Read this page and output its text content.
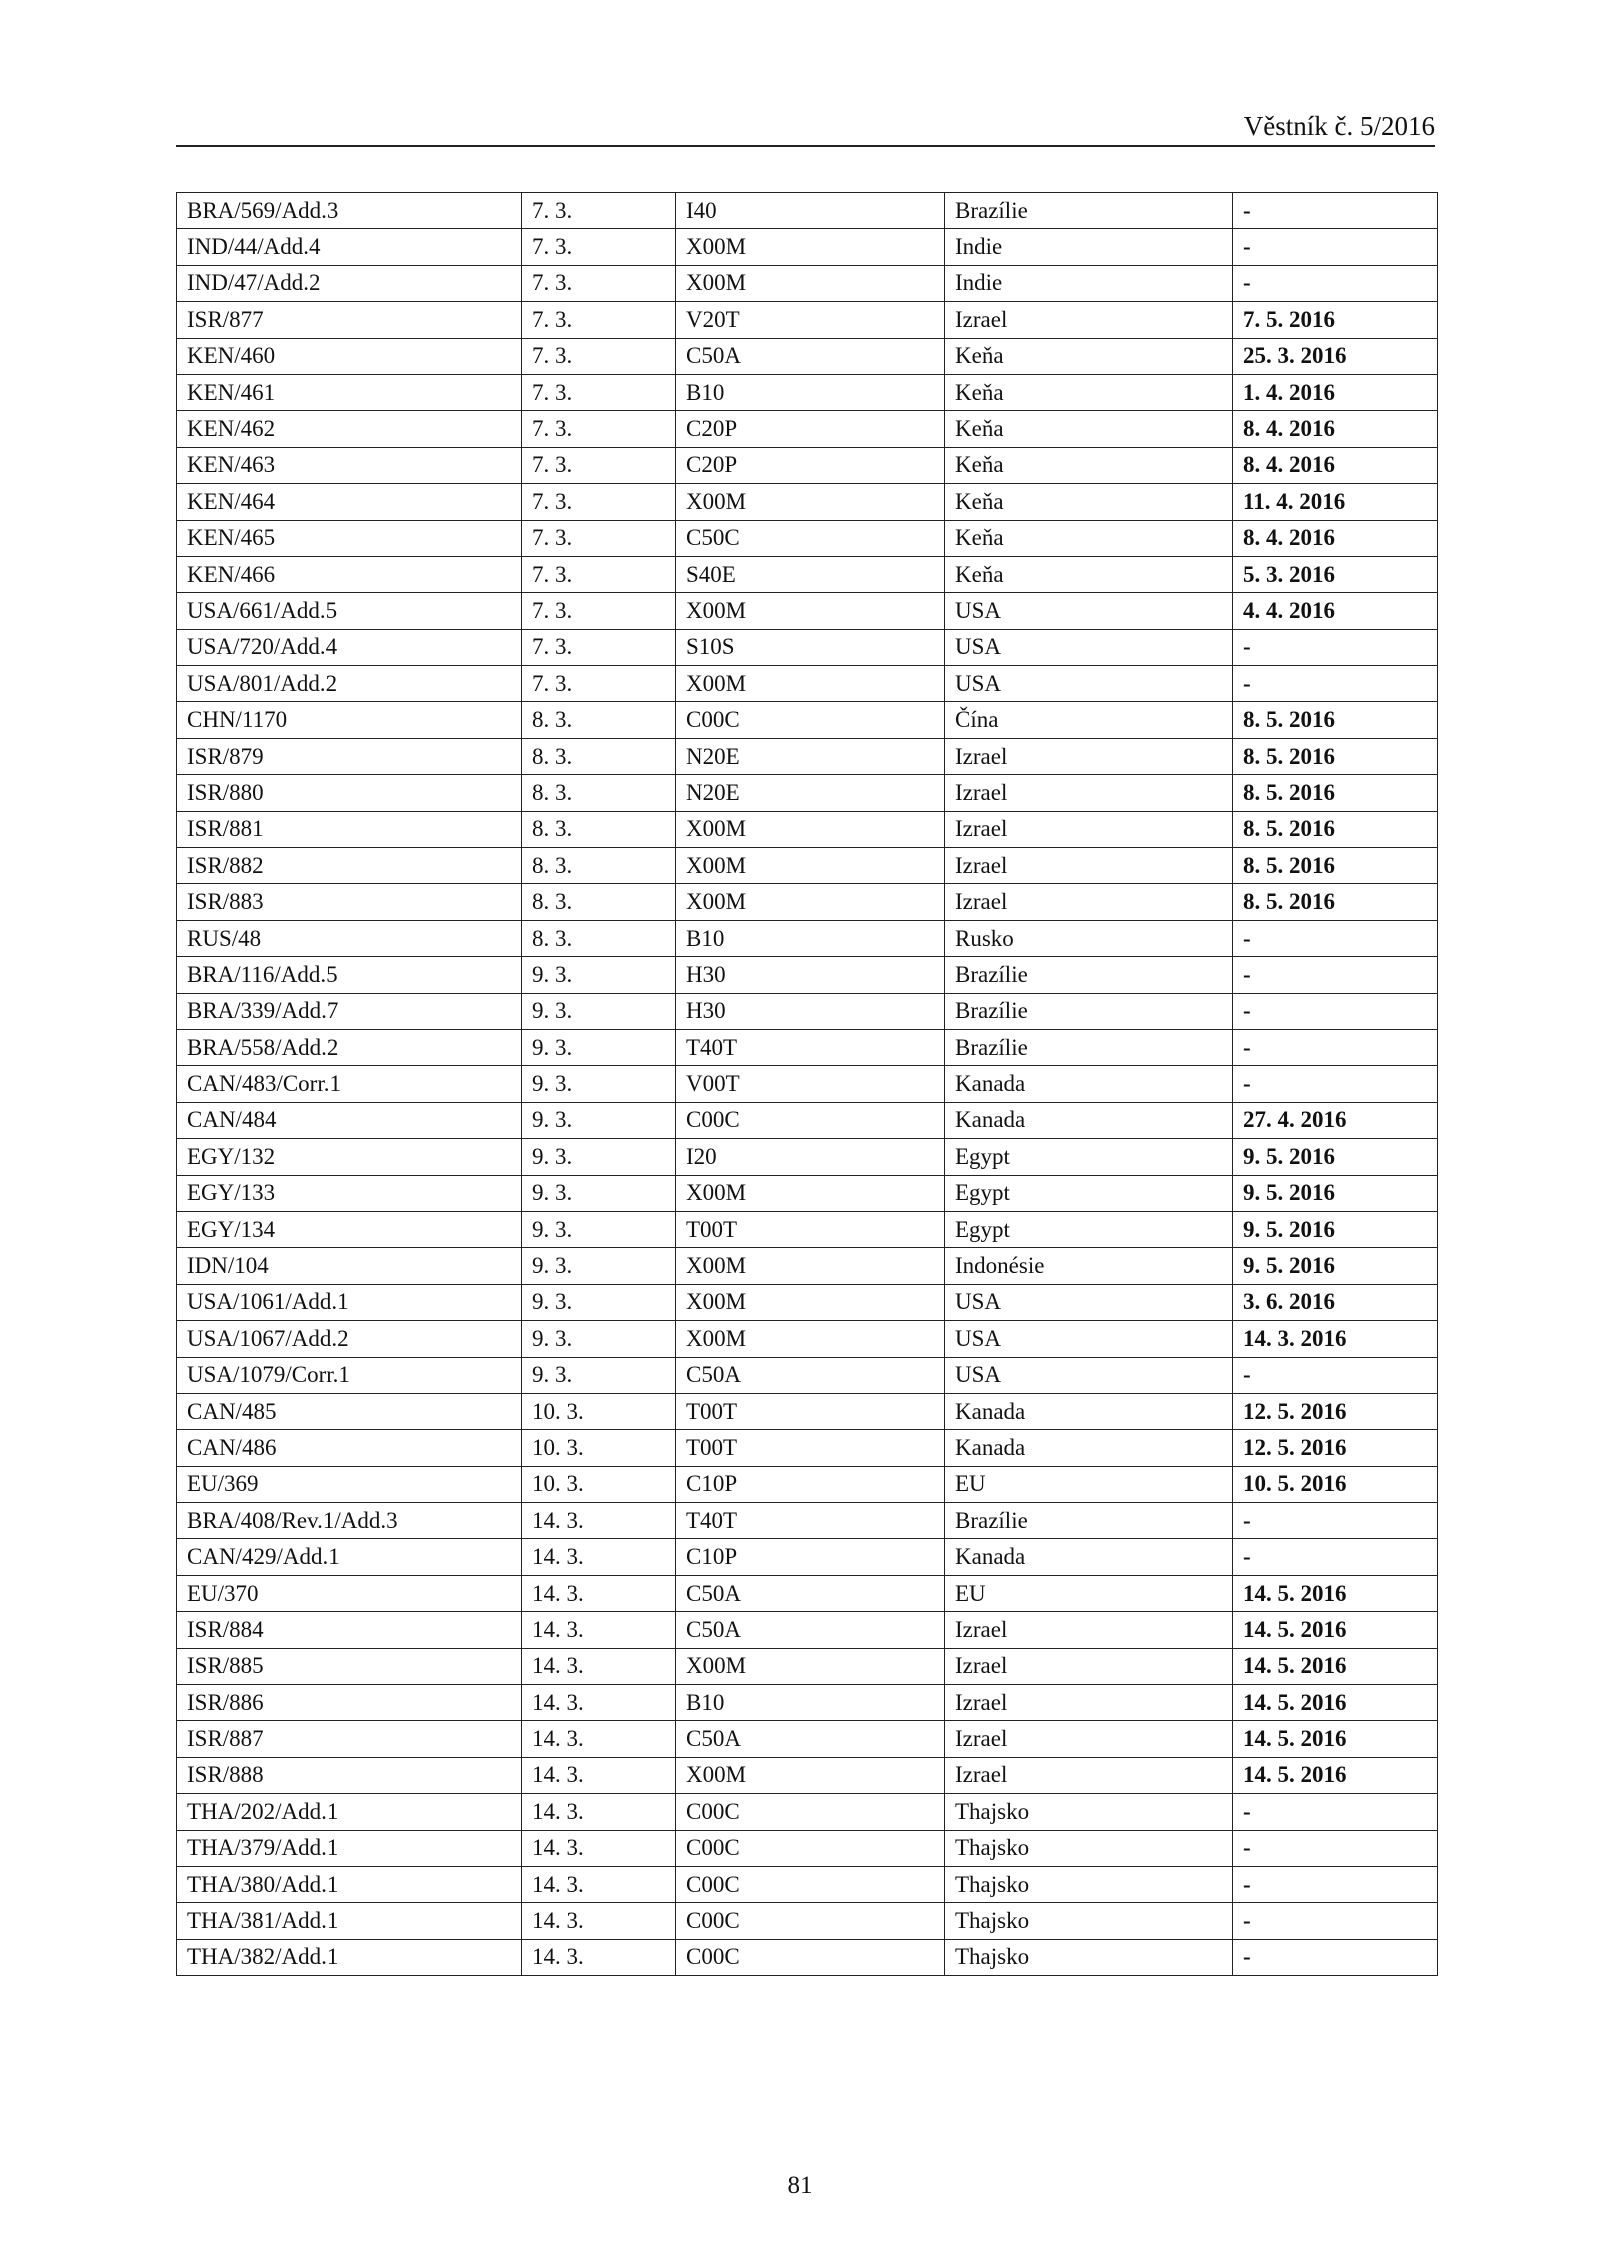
Věstník č. 5/2016
BRA/569/Add.3	7. 3.	I40	Brazílie	-
IND/44/Add.4	7. 3.	X00M	Indie	-
IND/47/Add.2	7. 3.	X00M	Indie	-
ISR/877	7. 3.	V20T	Izrael	7. 5. 2016
KEN/460	7. 3.	C50A	Keňa	25. 3. 2016
KEN/461	7. 3.	B10	Keňa	1. 4. 2016
KEN/462	7. 3.	C20P	Keňa	8. 4. 2016
KEN/463	7. 3.	C20P	Keňa	8. 4. 2016
KEN/464	7. 3.	X00M	Keňa	11. 4. 2016
KEN/465	7. 3.	C50C	Keňa	8. 4. 2016
KEN/466	7. 3.	S40E	Keňa	5. 3. 2016
USA/661/Add.5	7. 3.	X00M	USA	4. 4. 2016
USA/720/Add.4	7. 3.	S10S	USA	-
USA/801/Add.2	7. 3.	X00M	USA	-
CHN/1170	8. 3.	C00C	Čína	8. 5. 2016
ISR/879	8. 3.	N20E	Izrael	8. 5. 2016
ISR/880	8. 3.	N20E	Izrael	8. 5. 2016
ISR/881	8. 3.	X00M	Izrael	8. 5. 2016
ISR/882	8. 3.	X00M	Izrael	8. 5. 2016
ISR/883	8. 3.	X00M	Izrael	8. 5. 2016
RUS/48	8. 3.	B10	Rusko	-
BRA/116/Add.5	9. 3.	H30	Brazílie	-
BRA/339/Add.7	9. 3.	H30	Brazílie	-
BRA/558/Add.2	9. 3.	T40T	Brazílie	-
CAN/483/Corr.1	9. 3.	V00T	Kanada	-
CAN/484	9. 3.	C00C	Kanada	27. 4. 2016
EGY/132	9. 3.	I20	Egypt	9. 5. 2016
EGY/133	9. 3.	X00M	Egypt	9. 5. 2016
EGY/134	9. 3.	T00T	Egypt	9. 5. 2016
IDN/104	9. 3.	X00M	Indonésie	9. 5. 2016
USA/1061/Add.1	9. 3.	X00M	USA	3. 6. 2016
USA/1067/Add.2	9. 3.	X00M	USA	14. 3. 2016
USA/1079/Corr.1	9. 3.	C50A	USA	-
CAN/485	10. 3.	T00T	Kanada	12. 5. 2016
CAN/486	10. 3.	T00T	Kanada	12. 5. 2016
EU/369	10. 3.	C10P	EU	10. 5. 2016
BRA/408/Rev.1/Add.3	14. 3.	T40T	Brazílie	-
CAN/429/Add.1	14. 3.	C10P	Kanada	-
EU/370	14. 3.	C50A	EU	14. 5. 2016
ISR/884	14. 3.	C50A	Izrael	14. 5. 2016
ISR/885	14. 3.	X00M	Izrael	14. 5. 2016
ISR/886	14. 3.	B10	Izrael	14. 5. 2016
ISR/887	14. 3.	C50A	Izrael	14. 5. 2016
ISR/888	14. 3.	X00M	Izrael	14. 5. 2016
THA/202/Add.1	14. 3.	C00C	Thajsko	-
THA/379/Add.1	14. 3.	C00C	Thajsko	-
THA/380/Add.1	14. 3.	C00C	Thajsko	-
THA/381/Add.1	14. 3.	C00C	Thajsko	-
THA/382/Add.1	14. 3.	C00C	Thajsko	-
81
